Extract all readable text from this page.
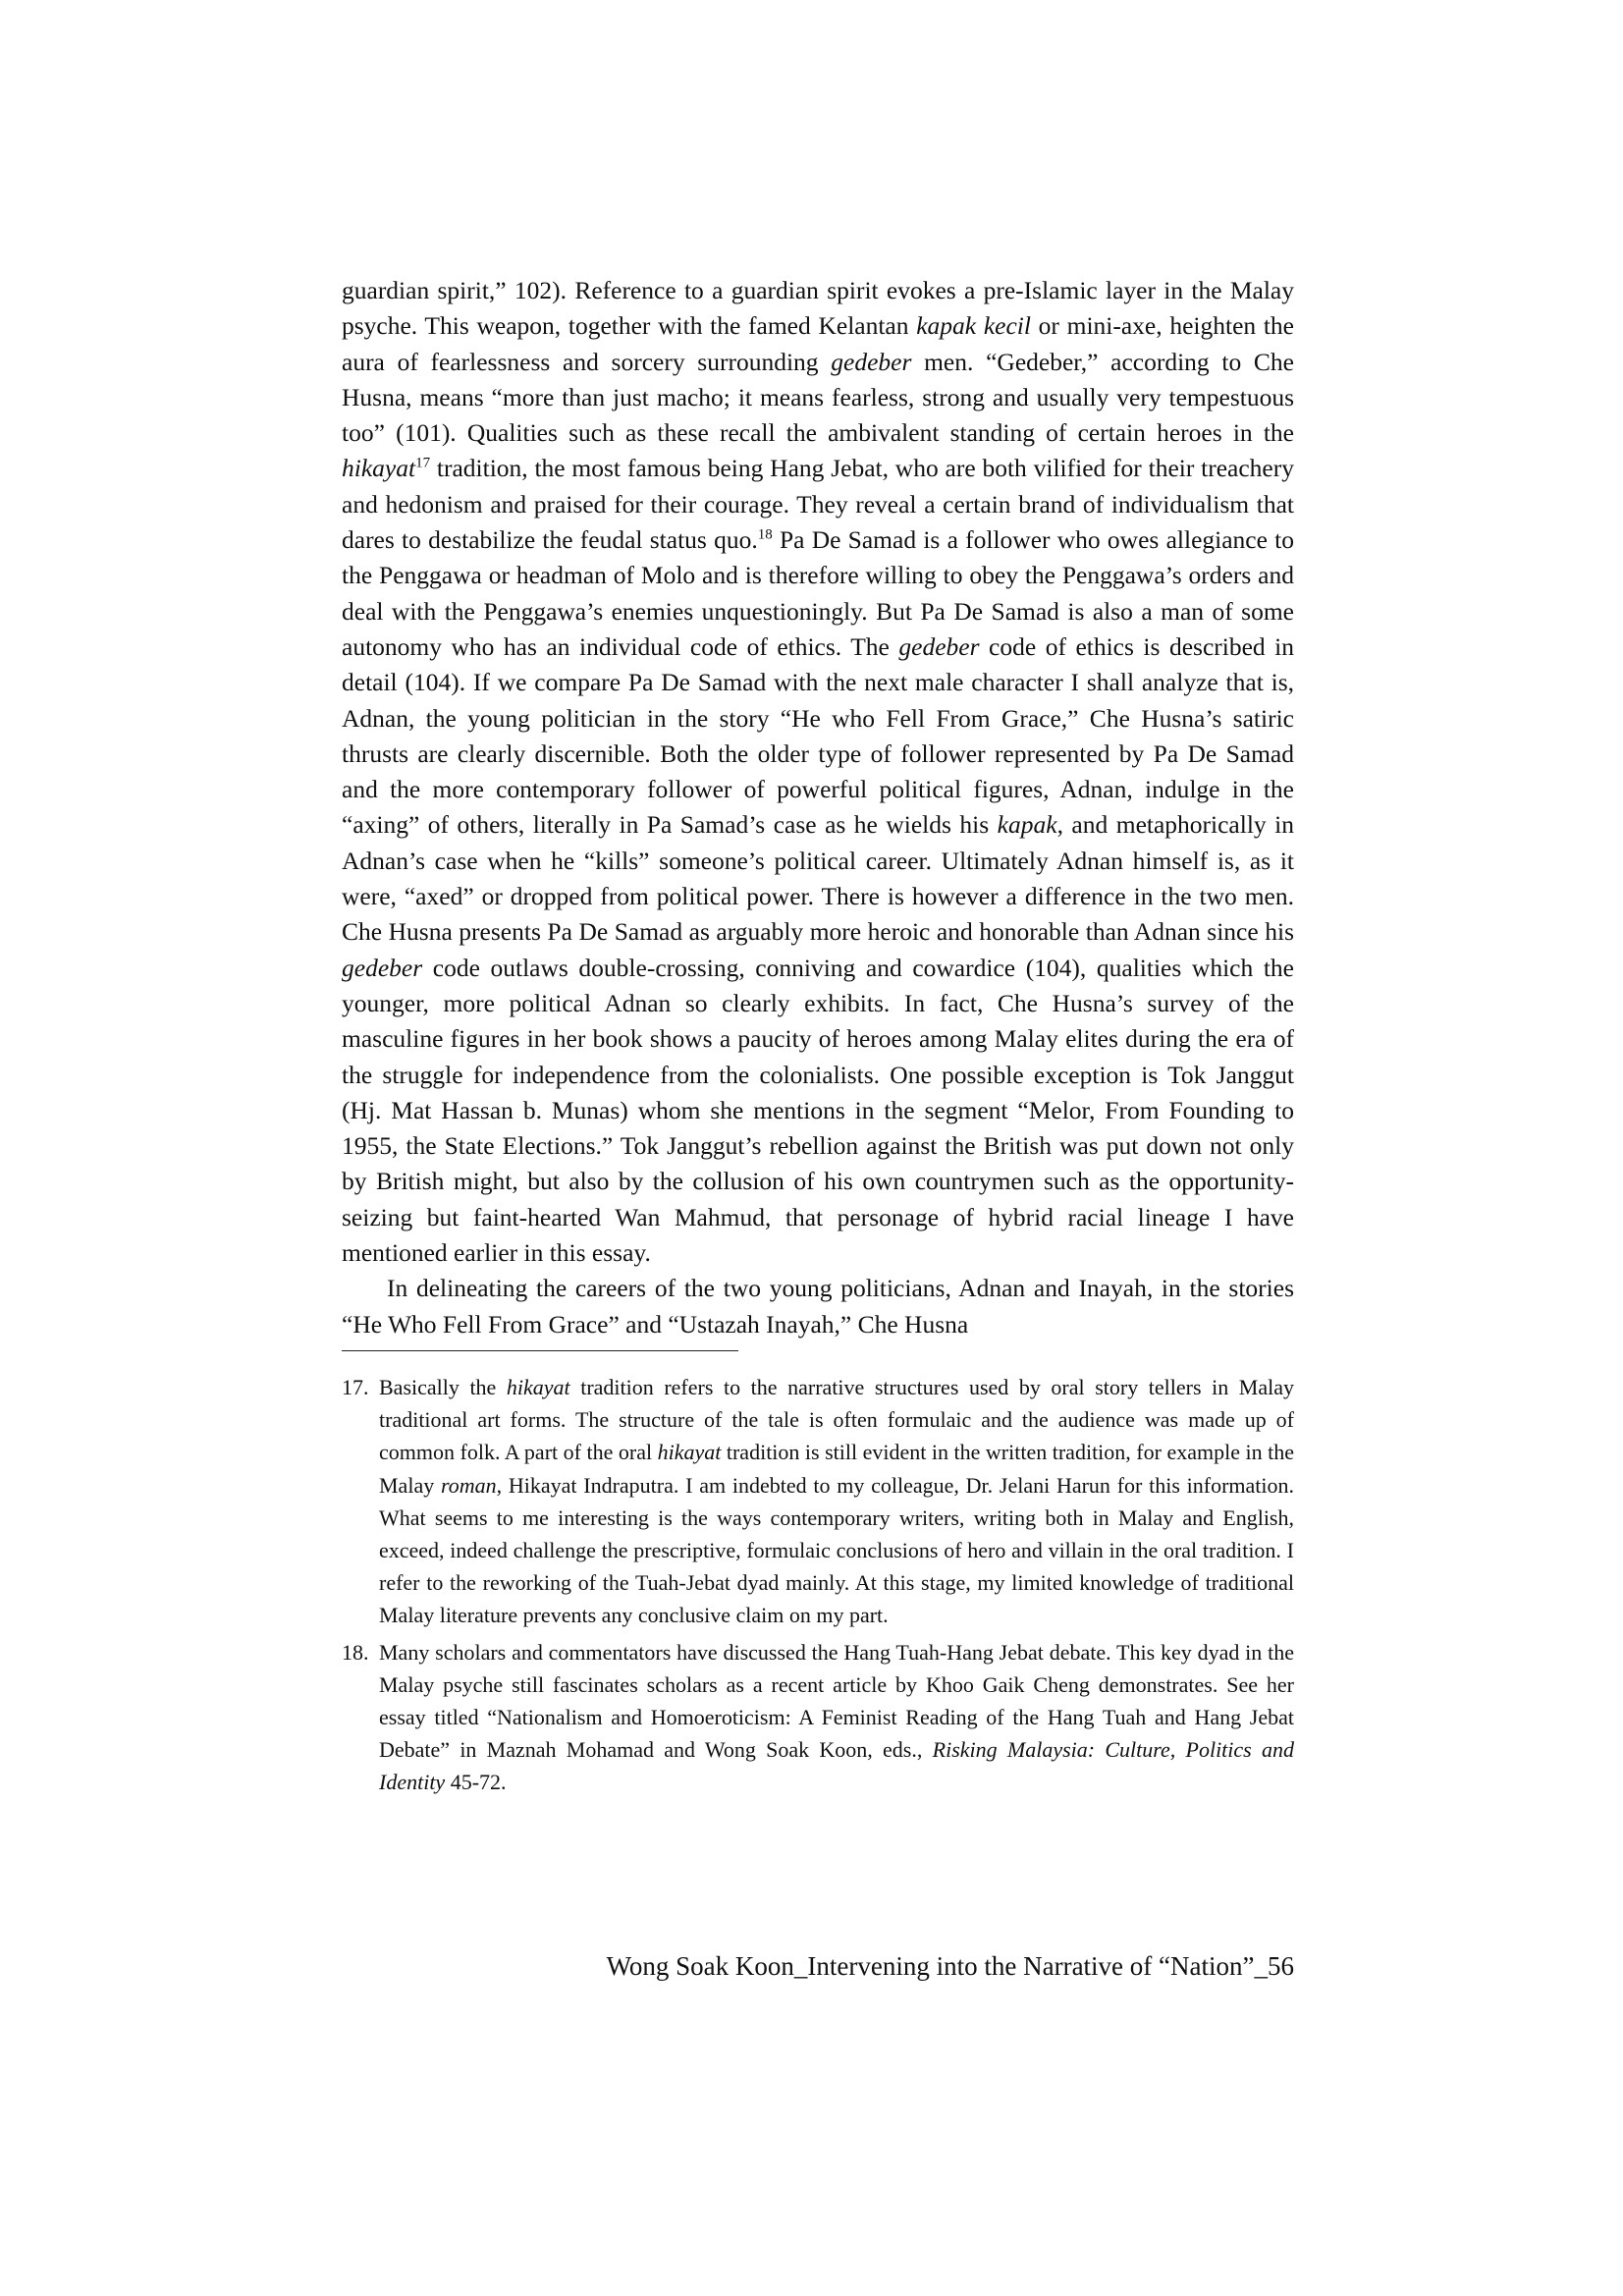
guardian spirit,” 102). Reference to a guardian spirit evokes a pre-Islamic layer in the Malay psyche. This weapon, together with the famed Kelantan kapak kecil or mini-axe, heighten the aura of fearlessness and sorcery surrounding gedeber men. “Gedeber,” according to Che Husna, means “more than just macho; it means fearless, strong and usually very tempestuous too” (101). Qualities such as these recall the ambivalent standing of certain heroes in the hikayat$^{17}$ tradition, the most famous being Hang Jebat, who are both vilified for their treachery and hedonism and praised for their courage. They reveal a certain brand of individualism that dares to destabilize the feudal status quo.$^{18}$ Pa De Samad is a follower who owes allegiance to the Penggawa or headman of Molo and is therefore willing to obey the Penggawa’s orders and deal with the Penggawa’s enemies unquestioningly. But Pa De Samad is also a man of some autonomy who has an individual code of ethics. The gedeber code of ethics is described in detail (104). If we compare Pa De Samad with the next male character I shall analyze that is, Adnan, the young politician in the story “He who Fell From Grace,” Che Husna’s satiric thrusts are clearly discernible. Both the older type of follower represented by Pa De Samad and the more contemporary follower of powerful political figures, Adnan, indulge in the “axing” of others, literally in Pa Samad’s case as he wields his kapak, and metaphorically in Adnan’s case when he “kills” someone’s political career. Ultimately Adnan himself is, as it were, “axed” or dropped from political power. There is however a difference in the two men. Che Husna presents Pa De Samad as arguably more heroic and honorable than Adnan since his gedeber code outlaws double-crossing, conniving and cowardice (104), qualities which the younger, more political Adnan so clearly exhibits. In fact, Che Husna’s survey of the masculine figures in her book shows a paucity of heroes among Malay elites during the era of the struggle for independence from the colonialists. One possible exception is Tok Janggut (Hj. Mat Hassan b. Munas) whom she mentions in the segment “Melor, From Founding to 1955, the State Elections.” Tok Janggut’s rebellion against the British was put down not only by British might, but also by the collusion of his own countrymen such as the opportunity-seizing but faint-hearted Wan Mahmud, that personage of hybrid racial lineage I have mentioned earlier in this essay.

In delineating the careers of the two young politicians, Adnan and Inayah, in the stories “He Who Fell From Grace” and “Ustazah Inayah,” Che Husna

17. Basically the hikayat tradition refers to the narrative structures used by oral story tellers in Malay traditional art forms. The structure of the tale is often formulaic and the audience was made up of common folk. A part of the oral hikayat tradition is still evident in the written tradition, for example in the Malay roman, Hikayat Indraputra. I am indebted to my colleague, Dr. Jelani Harun for this information. What seems to me interesting is the ways contemporary writers, writing both in Malay and English, exceed, indeed challenge the prescriptive, formulaic conclusions of hero and villain in the oral tradition. I refer to the reworking of the Tuah-Jebat dyad mainly. At this stage, my limited knowledge of traditional Malay literature prevents any conclusive claim on my part.
18. Many scholars and commentators have discussed the Hang Tuah-Hang Jebat debate. This key dyad in the Malay psyche still fascinates scholars as a recent article by Khoo Gaik Cheng demonstrates. See her essay titled “Nationalism and Homoeroticism: A Feminist Reading of the Hang Tuah and Hang Jebat Debate” in Maznah Mohamad and Wong Soak Koon, eds., Risking Malaysia: Culture, Politics and Identity 45-72.
Wong Soak Koon_Intervening into the Narrative of “Nation”_56
